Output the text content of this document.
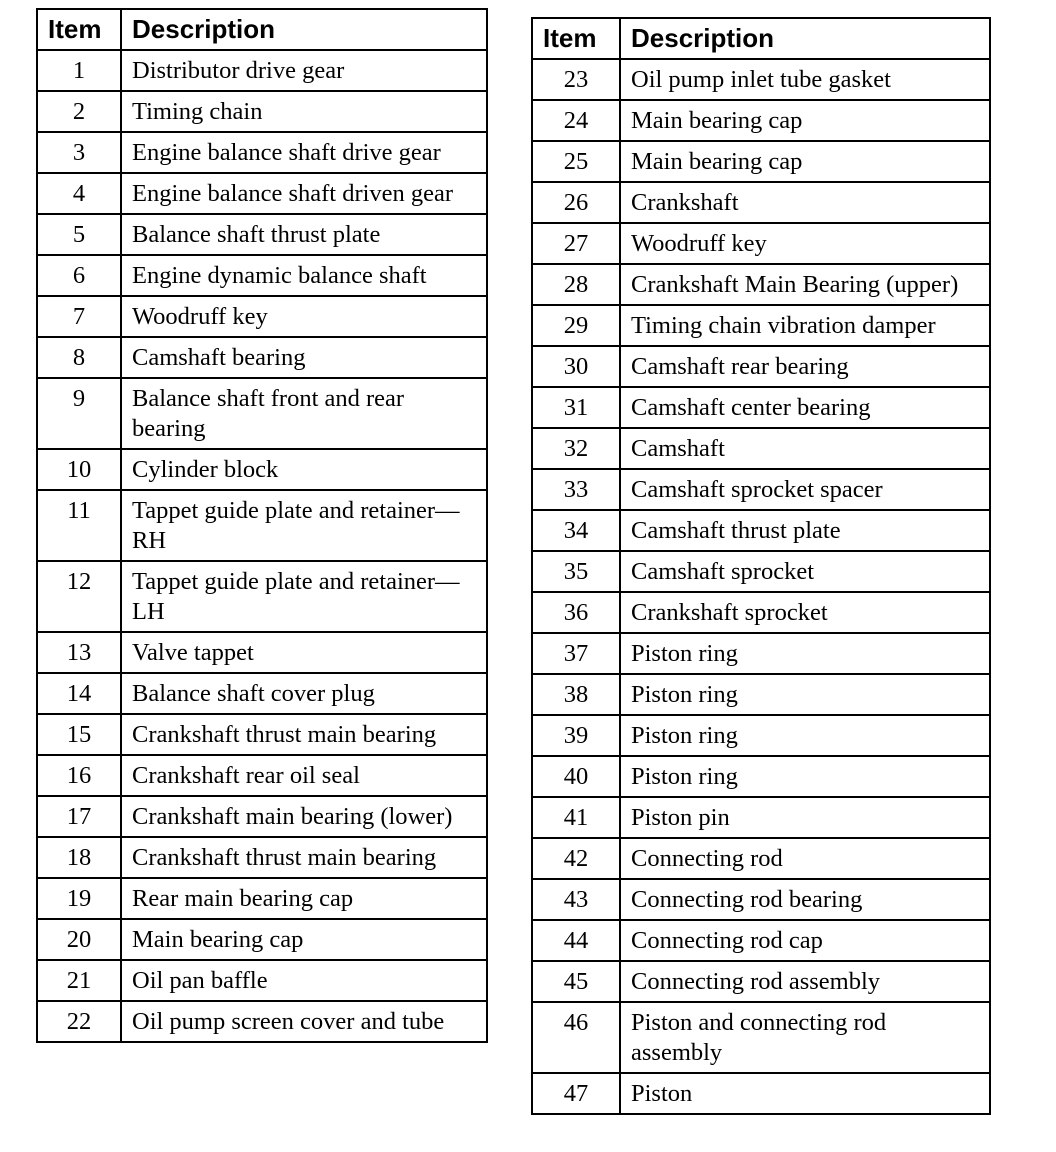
Item	Description
1	Distributor drive gear
2	Timing chain
3	Engine balance shaft drive gear
4	Engine balance shaft driven gear
5	Balance shaft thrust plate
6	Engine dynamic balance shaft
7	Woodruff key
8	Camshaft bearing
9	Balance shaft front and rear bearing
10	Cylinder block
11	Tappet guide plate and retainer—RH
12	Tappet guide plate and retainer—LH
13	Valve tappet
14	Balance shaft cover plug
15	Crankshaft thrust main bearing
16	Crankshaft rear oil seal
17	Crankshaft main bearing (lower)
18	Crankshaft thrust main bearing
19	Rear main bearing cap
20	Main bearing cap
21	Oil pan baffle
22	Oil pump screen cover and tube
Item	Description
23	Oil pump inlet tube gasket
24	Main bearing cap
25	Main bearing cap
26	Crankshaft
27	Woodruff key
28	Crankshaft Main Bearing (upper)
29	Timing chain vibration damper
30	Camshaft rear bearing
31	Camshaft center bearing
32	Camshaft
33	Camshaft sprocket spacer
34	Camshaft thrust plate
35	Camshaft sprocket
36	Crankshaft sprocket
37	Piston ring
38	Piston ring
39	Piston ring
40	Piston ring
41	Piston pin
42	Connecting rod
43	Connecting rod bearing
44	Connecting rod cap
45	Connecting rod assembly
46	Piston and connecting rod assembly
47	Piston
